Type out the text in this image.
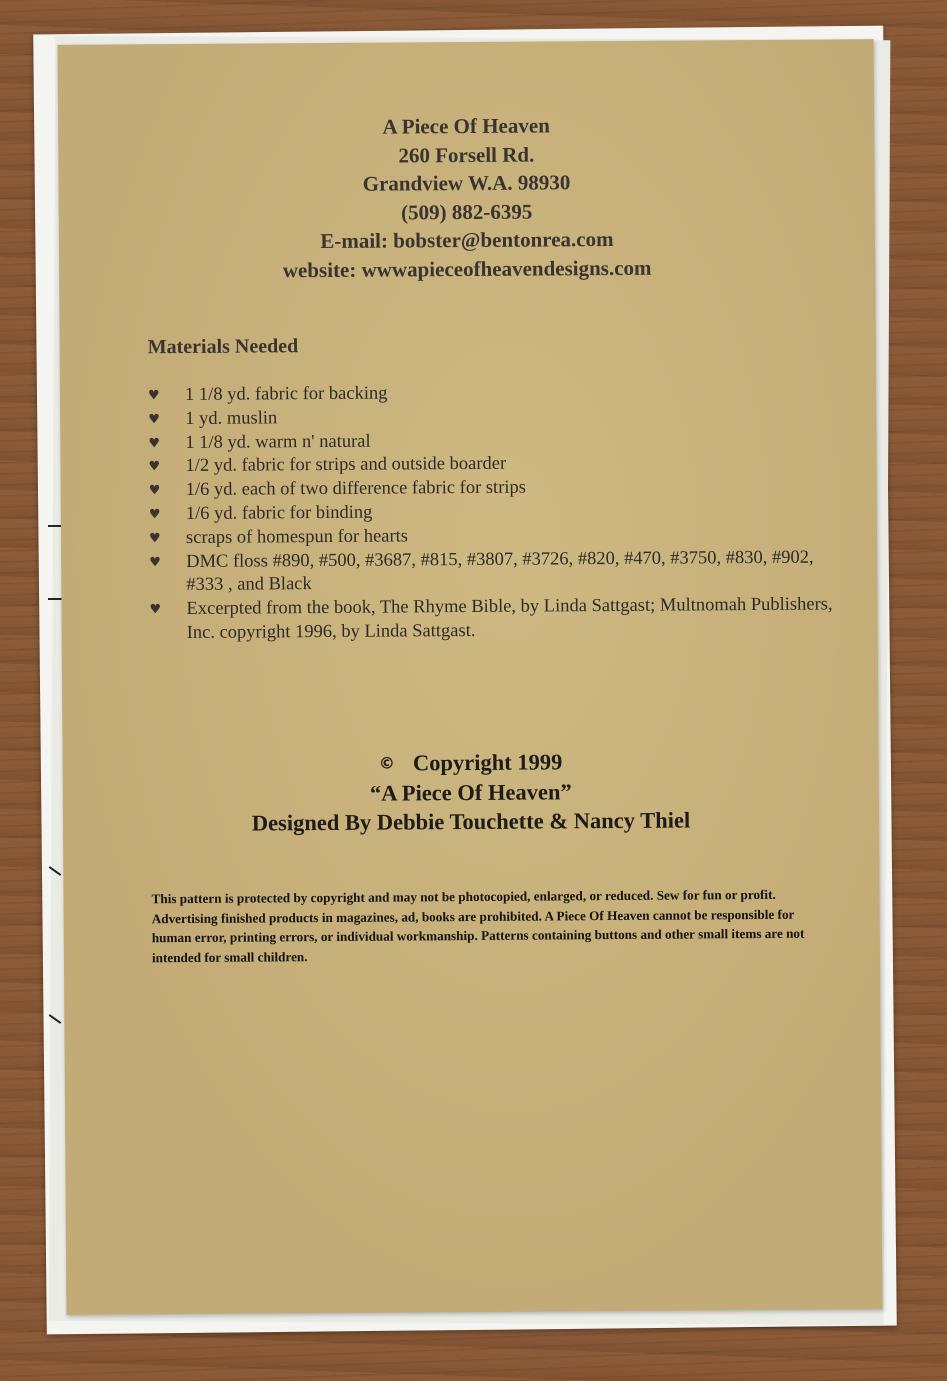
A Piece Of Heaven
260 Forsell Rd.
Grandview W.A. 98930
(509) 882-6395
E-mail: bobster@bentonrea.com
website: wwwapieceofheavendesigns.com
Materials Needed
♥ 1 1/8 yd. fabric for backing
♥ 1 yd. muslin
♥ 1 1/8 yd. warm n' natural
♥ 1/2 yd. fabric for strips and outside boarder
♥ 1/6 yd. each of two difference fabric for strips
♥ 1/6 yd. fabric for binding
♥ scraps of homespun for hearts
♥ DMC floss #890, #500, #3687, #815, #3807, #3726, #820, #470, #3750, #830, #902, #333 , and Black
♥ Excerpted from the book, The Rhyme Bible, by Linda Sattgast; Multnomah Publishers, Inc. copyright 1996, by Linda Sattgast.
© Copyright 1999
“A Piece Of Heaven”
Designed By Debbie Touchette & Nancy Thiel
This pattern is protected by copyright and may not be photocopied, enlarged, or reduced. Sew for fun or profit. Advertising finished products in magazines, ad, books are prohibited. A Piece Of Heaven cannot be responsible for human error, printing errors, or individual workmanship. Patterns containing buttons and other small items are not intended for small children.
